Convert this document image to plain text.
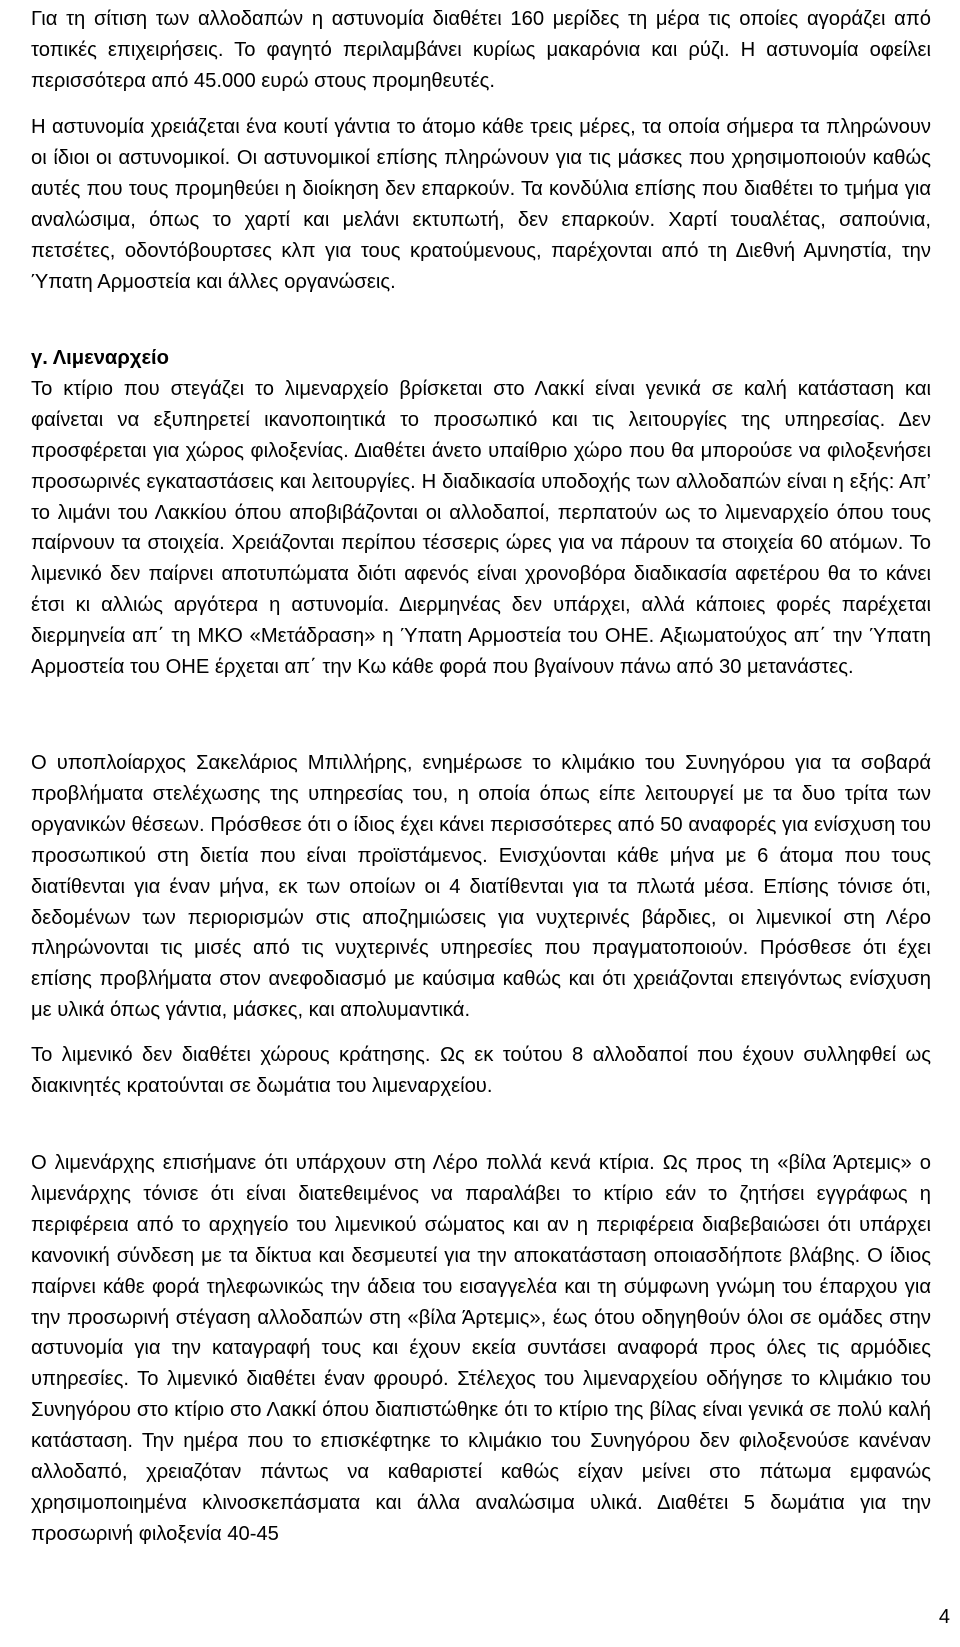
Για τη σίτιση των αλλοδαπών η αστυνομία διαθέτει 160 μερίδες τη μέρα τις οποίες αγοράζει από τοπικές επιχειρήσεις. Το φαγητό περιλαμβάνει κυρίως μακαρόνια και ρύζι. Η αστυνομία οφείλει περισσότερα από 45.000 ευρώ στους προμηθευτές.

Η αστυνομία χρειάζεται ένα κουτί γάντια το άτομο κάθε τρεις μέρες, τα οποία σήμερα τα πληρώνουν οι ίδιοι οι αστυνομικοί. Οι αστυνομικοί επίσης πληρώνουν για τις μάσκες που χρησιμοποιούν καθώς αυτές που τους προμηθεύει η διοίκηση δεν επαρκούν. Τα κονδύλια επίσης που διαθέτει το τμήμα για αναλώσιμα, όπως το χαρτί και μελάνι εκτυπωτή, δεν επαρκούν. Χαρτί τουαλέτας, σαπούνια, πετσέτες, οδοντόβουρτσες κλπ για τους κρατούμενους, παρέχονται από τη Διεθνή Αμνηστία, την Ύπατη Αρμοστεία και άλλες οργανώσεις.

γ. Λιμεναρχείο

Το κτίριο που στεγάζει το λιμεναρχείο βρίσκεται στο Λακκί είναι γενικά σε καλή κατάσταση και φαίνεται να εξυπηρετεί ικανοποιητικά το προσωπικό και τις λειτουργίες της υπηρεσίας. Δεν προσφέρεται για χώρος φιλοξενίας. Διαθέτει άνετο υπαίθριο χώρο που θα μπορούσε να φιλοξενήσει προσωρινές εγκαταστάσεις και λειτουργίες. Η διαδικασία υποδοχής των αλλοδαπών είναι η εξής: Απ’ το λιμάνι του Λακκίου όπου αποβιβάζονται οι αλλοδαποί, περπατούν ως το λιμεναρχείο όπου τους παίρνουν τα στοιχεία. Χρειάζονται περίπου τέσσερις ώρες για να πάρουν τα στοιχεία 60 ατόμων. Το λιμενικό δεν παίρνει αποτυπώματα διότι αφενός είναι χρονοβόρα διαδικασία αφετέρου θα το κάνει έτσι κι αλλιώς αργότερα η αστυνομία. Διερμηνέας δεν υπάρχει, αλλά κάποιες φορές παρέχεται διερμηνεία απ΄ τη ΜΚΟ «Μετάδραση» η Ύπατη Αρμοστεία του ΟΗΕ. Αξιωματούχος απ΄ την Ύπατη Αρμοστεία του ΟΗΕ έρχεται απ΄ την Κω κάθε φορά που βγαίνουν πάνω από 30 μετανάστες.

Ο υποπλοίαρχος Σακελάριος Μπιλλήρης, ενημέρωσε το κλιμάκιο του Συνηγόρου για τα σοβαρά προβλήματα στελέχωσης της υπηρεσίας του, η οποία όπως είπε λειτουργεί με τα δυο τρίτα των οργανικών θέσεων. Πρόσθεσε ότι ο ίδιος έχει κάνει περισσότερες από 50 αναφορές για ενίσχυση του προσωπικού στη διετία που είναι προϊστάμενος. Ενισχύονται κάθε μήνα με 6 άτομα που τους διατίθενται για έναν μήνα, εκ των οποίων οι 4 διατίθενται για τα πλωτά μέσα. Επίσης τόνισε ότι, δεδομένων των περιορισμών στις αποζημιώσεις για νυχτερινές βάρδιες, οι λιμενικοί στη Λέρο πληρώνονται τις μισές από τις νυχτερινές υπηρεσίες που πραγματοποιούν. Πρόσθεσε ότι έχει επίσης προβλήματα στον ανεφοδιασμό με καύσιμα καθώς και ότι χρειάζονται επειγόντως ενίσχυση με υλικά όπως γάντια, μάσκες, και απολυμαντικά.

Το λιμενικό δεν διαθέτει χώρους κράτησης. Ως εκ τούτου 8 αλλοδαποί που έχουν συλληφθεί ως διακινητές κρατούνται σε δωμάτια του λιμεναρχείου.

Ο λιμενάρχης επισήμανε ότι υπάρχουν στη Λέρο πολλά κενά κτίρια. Ως προς τη «βίλα Άρτεμις» ο λιμενάρχης τόνισε ότι είναι διατεθειμένος να παραλάβει το κτίριο εάν το ζητήσει εγγράφως η περιφέρεια από το αρχηγείο του λιμενικού σώματος και αν η περιφέρεια διαβεβαιώσει ότι υπάρχει κανονική σύνδεση με τα δίκτυα και δεσμευτεί για την αποκατάσταση οποιασδήποτε βλάβης. Ο ίδιος παίρνει κάθε φορά τηλεφωνικώς την άδεια του εισαγγελέα και τη σύμφωνη γνώμη του έπαρχου για την προσωρινή στέγαση αλλοδαπών στη «βίλα Άρτεμις», έως ότου οδηγηθούν όλοι σε ομάδες στην αστυνομία για την καταγραφή τους και έχουν εκεία συντάσει αναφορά προς όλες τις αρμόδιες υπηρεσίες. Το λιμενικό διαθέτει έναν φρουρό. Στέλεχος του λιμεναρχείου οδήγησε το κλιμάκιο του Συνηγόρου στο κτίριο στο Λακκί όπου διαπιστώθηκε ότι το κτίριο της βίλας είναι γενικά σε πολύ καλή κατάσταση. Την ημέρα που το επισκέφτηκε το κλιμάκιο του Συνηγόρου δεν φιλοξενούσε κανέναν αλλοδαπό, χρειαζόταν πάντως να καθαριστεί καθώς είχαν μείνει στο πάτωμα εμφανώς χρησιμοποιημένα κλινοσκεπάσματα και άλλα αναλώσιμα υλικά. Διαθέτει 5 δωμάτια για την προσωρινή φιλοξενία 40-45

4
